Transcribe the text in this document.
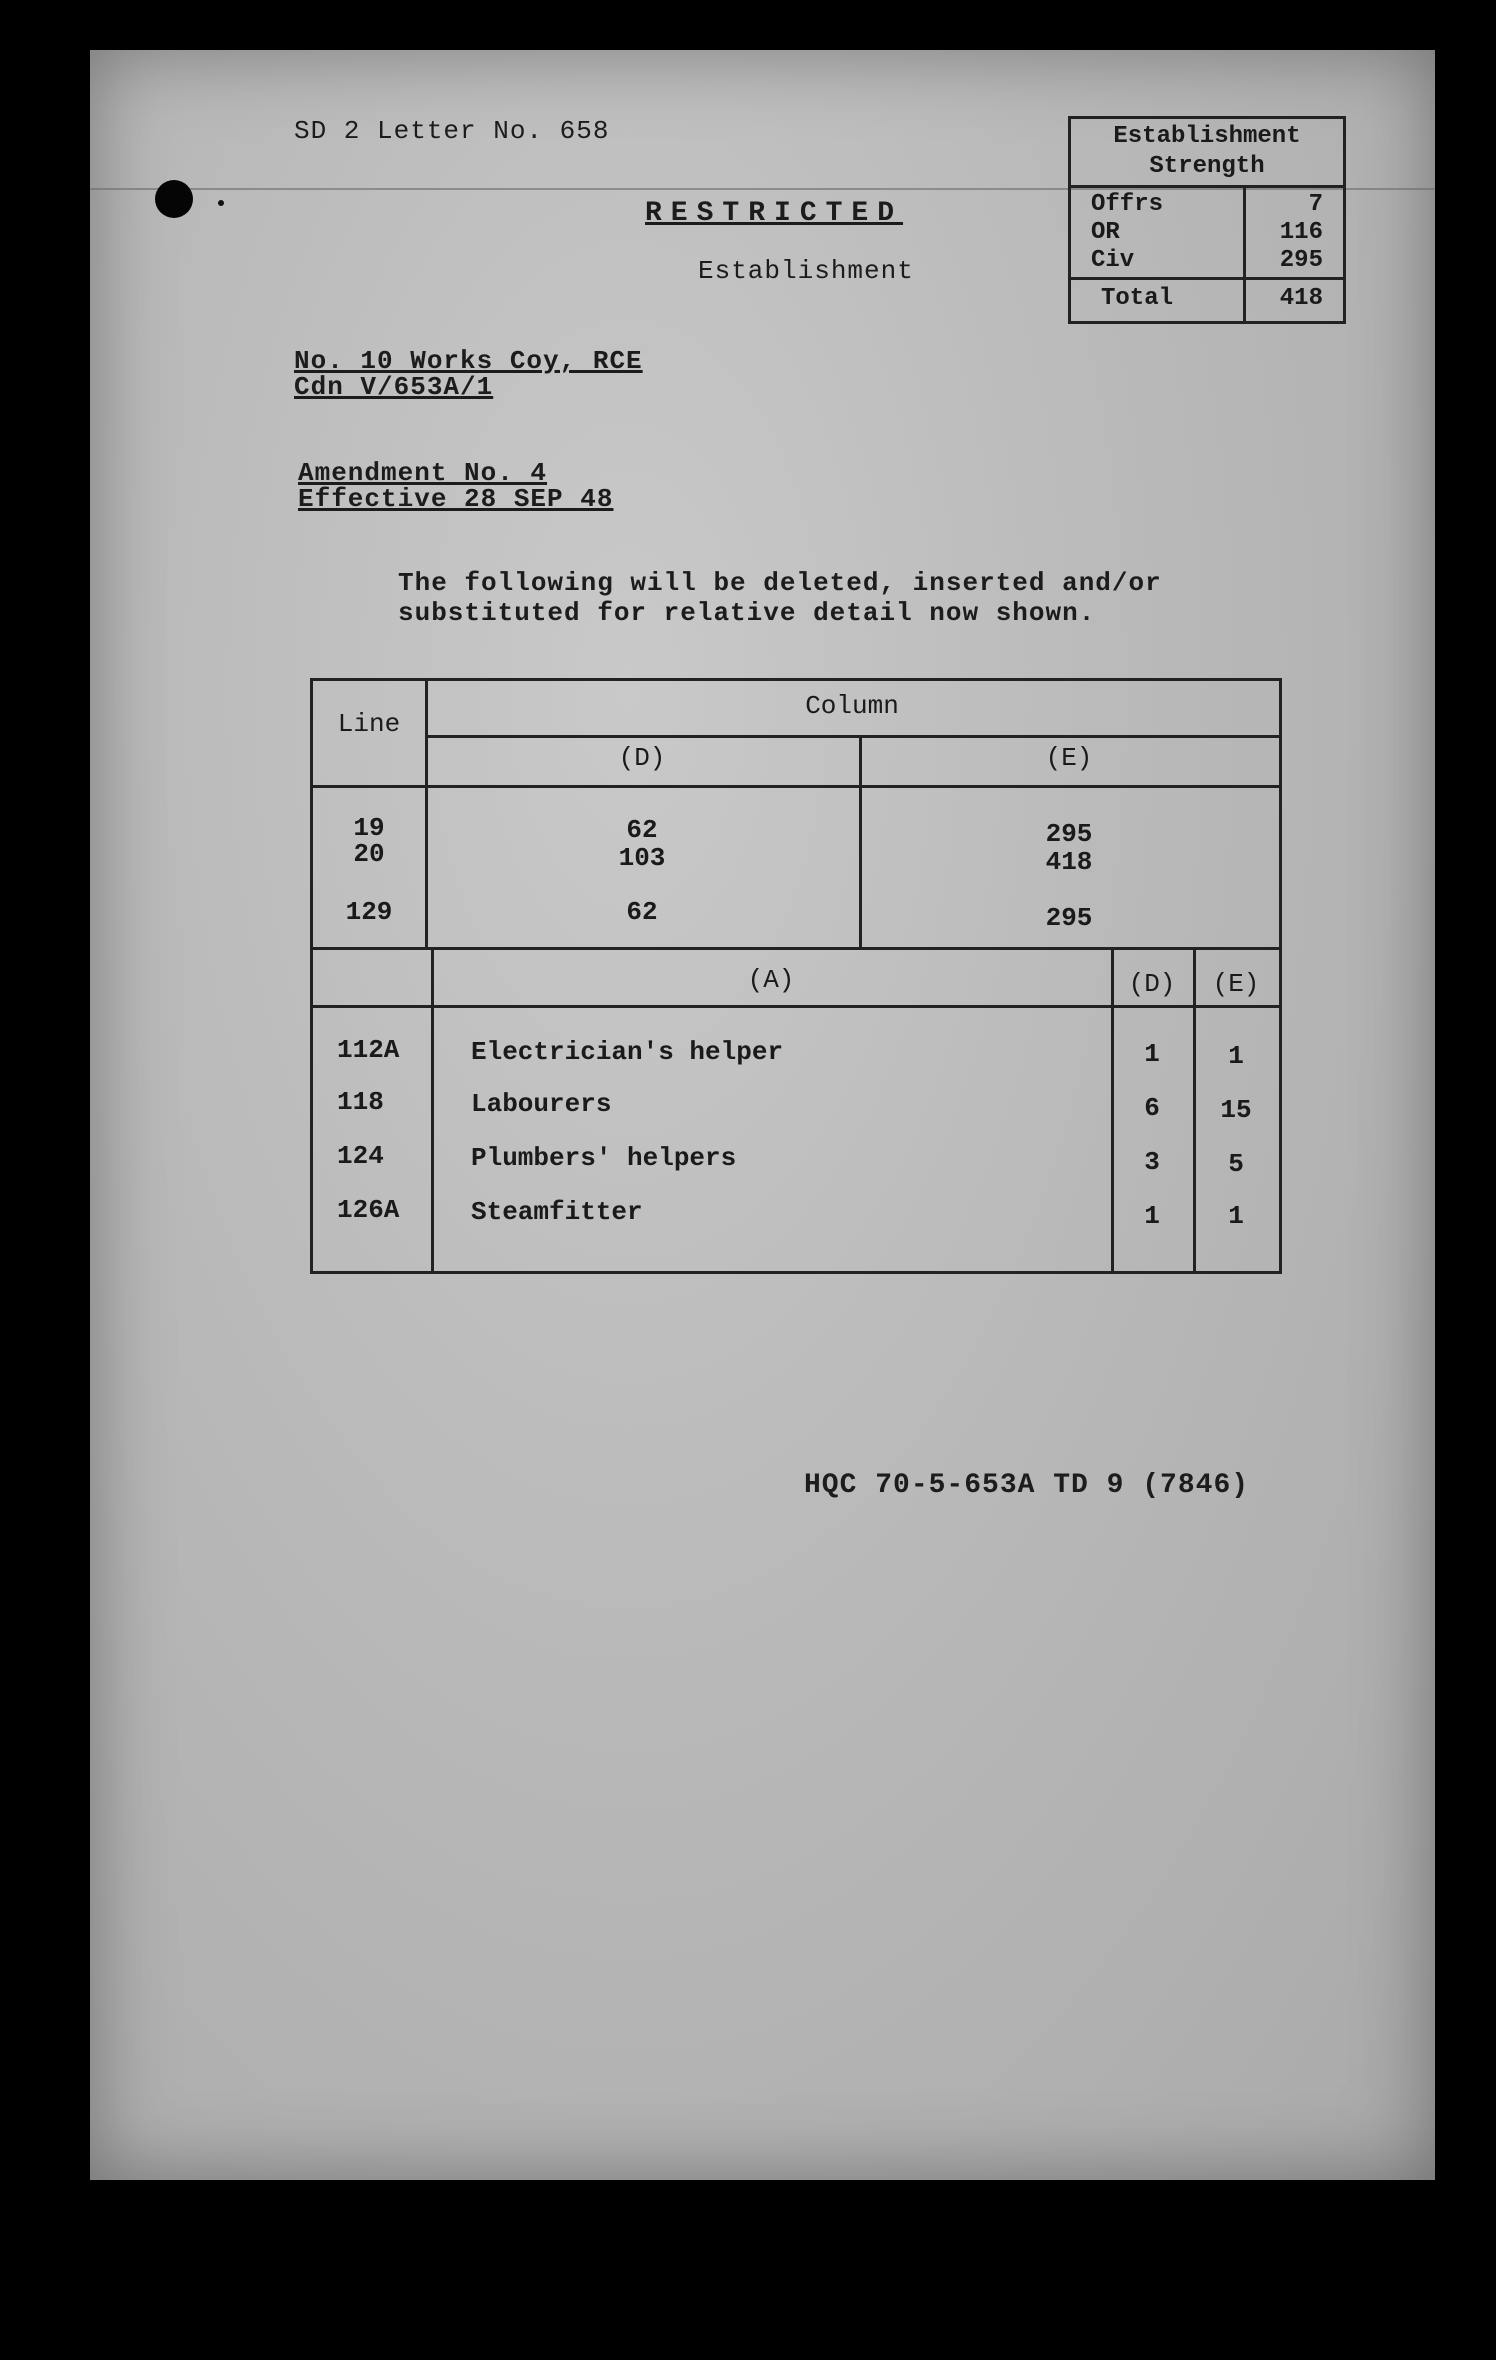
SD 2 Letter No. 658
RESTRICTED
Establishment
Establishment
Strength
Offrs	7
OR	116
Civ	295
Total	418
No. 10 Works Coy, RCE
Cdn V/653A/1
Amendment No. 4
Effective 28 SEP 48
The following will be deleted, inserted and/or
substituted for relative detail now shown.
Line
Column
(D)	(E)
19	62	295
20	103	418
129	62	295
(A)	(D)	(E)
112A	Electrician's helper	1	1
118	Labourers	6	15
124	Plumbers' helpers	3	5
126A	Steamfitter	1	1
HQC 70-5-653A TD 9 (7846)
